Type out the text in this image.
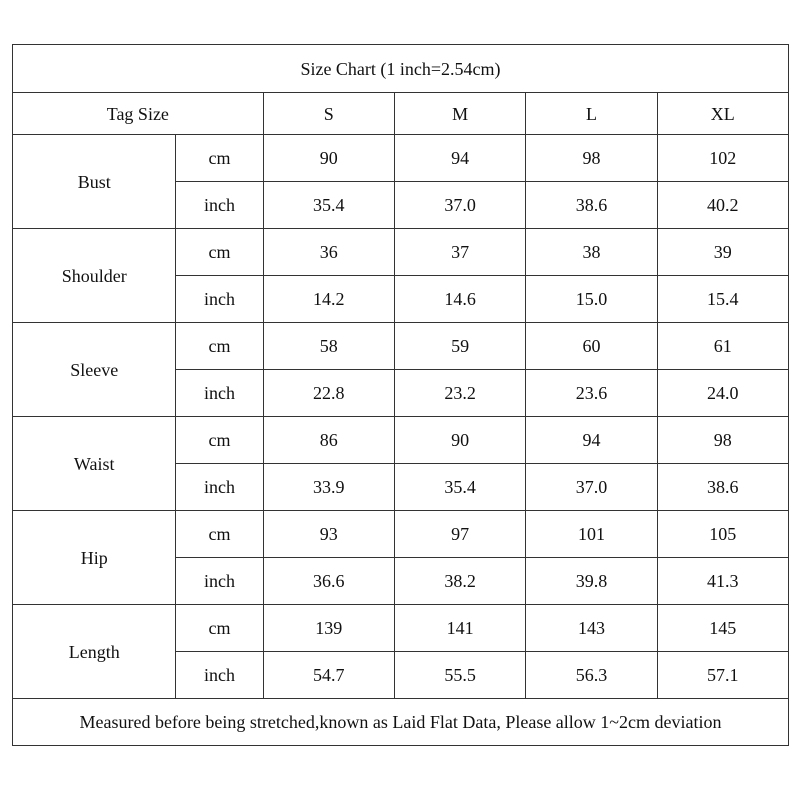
Size Chart (1 inch=2.54cm)					
Tag Size		S	M	L	XL
Bust	cm	90	94	98	102
	inch	35.4	37.0	38.6	40.2
Shoulder	cm	36	37	38	39
	inch	14.2	14.6	15.0	15.4
Sleeve	cm	58	59	60	61
	inch	22.8	23.2	23.6	24.0
Waist	cm	86	90	94	98
	inch	33.9	35.4	37.0	38.6
Hip	cm	93	97	101	105
	inch	36.6	38.2	39.8	41.3
Length	cm	139	141	143	145
	inch	54.7	55.5	56.3	57.1
Measured before being stretched,known as Laid Flat Data, Please allow 1~2cm deviation					
